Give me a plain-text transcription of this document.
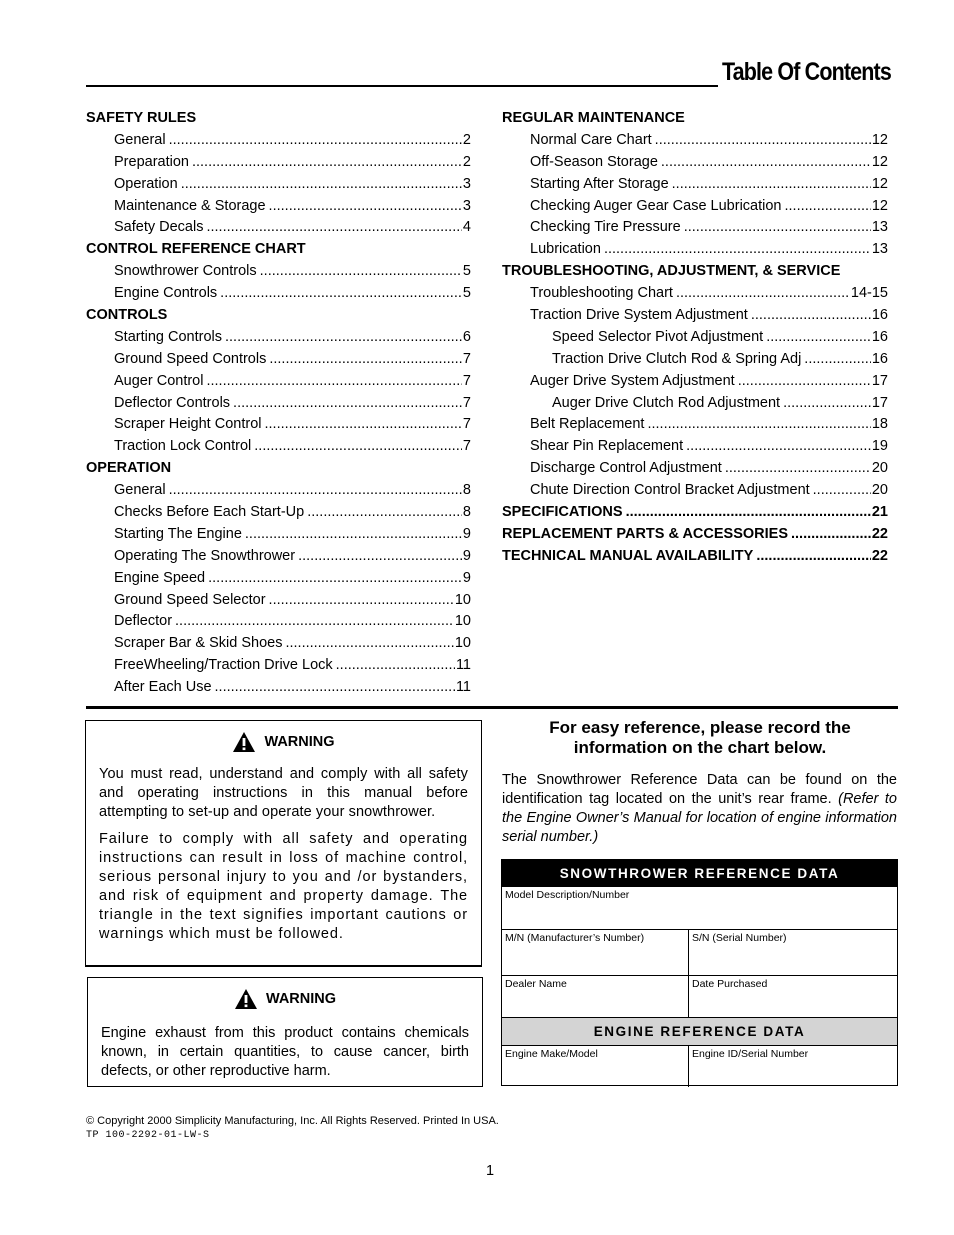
Table Of Contents
SAFETY RULES
General .....	2
Preparation .....	2
Operation .....	3
Maintenance & Storage .....	3
Safety Decals .....	4
CONTROL REFERENCE CHART
Snowthrower Controls .....	5
Engine Controls .....	5
CONTROLS
Starting Controls .....	6
Ground Speed Controls .....	7
Auger Control .....	7
Deflector Controls .....	7
Scraper Height Control .....	7
Traction Lock Control .....	7
OPERATION
General .....	8
Checks Before Each Start-Up .....	8
Starting The Engine .....	9
Operating The Snowthrower .....	9
Engine Speed .....	9
Ground Speed Selector .....	10
Deflector .....	10
Scraper Bar & Skid Shoes .....	10
FreeWheeling/Traction Drive Lock .....	11
After Each Use .....	11
REGULAR MAINTENANCE
Normal Care Chart .....	12
Off-Season Storage .....	12
Starting After Storage .....	12
Checking Auger Gear Case Lubrication .....	12
Checking Tire Pressure .....	13
Lubrication .....	13
TROUBLESHOOTING, ADJUSTMENT, & SERVICE
Troubleshooting Chart .....	14-15
Traction Drive System Adjustment .....	16
Speed Selector Pivot Adjustment .....	16
Traction Drive Clutch Rod & Spring Adj .....	16
Auger Drive System Adjustment .....	17
Auger Drive Clutch Rod Adjustment .....	17
Belt Replacement .....	18
Shear Pin Replacement .....	19
Discharge Control Adjustment .....	20
Chute Direction Control Bracket Adjustment .....	20
SPECIFICATIONS .....	21
REPLACEMENT PARTS & ACCESSORIES .....	22
TECHNICAL MANUAL AVAILABILITY .....	22
WARNING

You must read, understand and comply with all safety and operating instructions in this manual before attempting to set-up and operate your snowthrower.

Failure to comply with all safety and operating instructions can result in loss of machine control, serious personal injury to you and /or bystanders, and risk of equipment and property damage. The triangle in the text signifies important cautions or warnings which must be followed.

WARNING

Engine exhaust from this product contains chemicals known, in certain quantities, to cause cancer, birth defects, or other reproductive harm.

For easy reference, please record the information on the chart below.
The Snowthrower Reference Data can be found on the identification tag located on the unit’s rear frame. (Refer to the Engine Owner’s Manual for location of engine information serial number.)
SNOWTHROWER REFERENCE DATA
Model Description/Number
M/N (Manufacturer’s Number)	S/N (Serial Number)
Dealer Name	Date Purchased
ENGINE REFERENCE DATA
Engine Make/Model	Engine ID/Serial Number
© Copyright 2000 Simplicity Manufacturing, Inc. All Rights Reserved. Printed In USA.
TP 100-2292-01-LW-S
1
